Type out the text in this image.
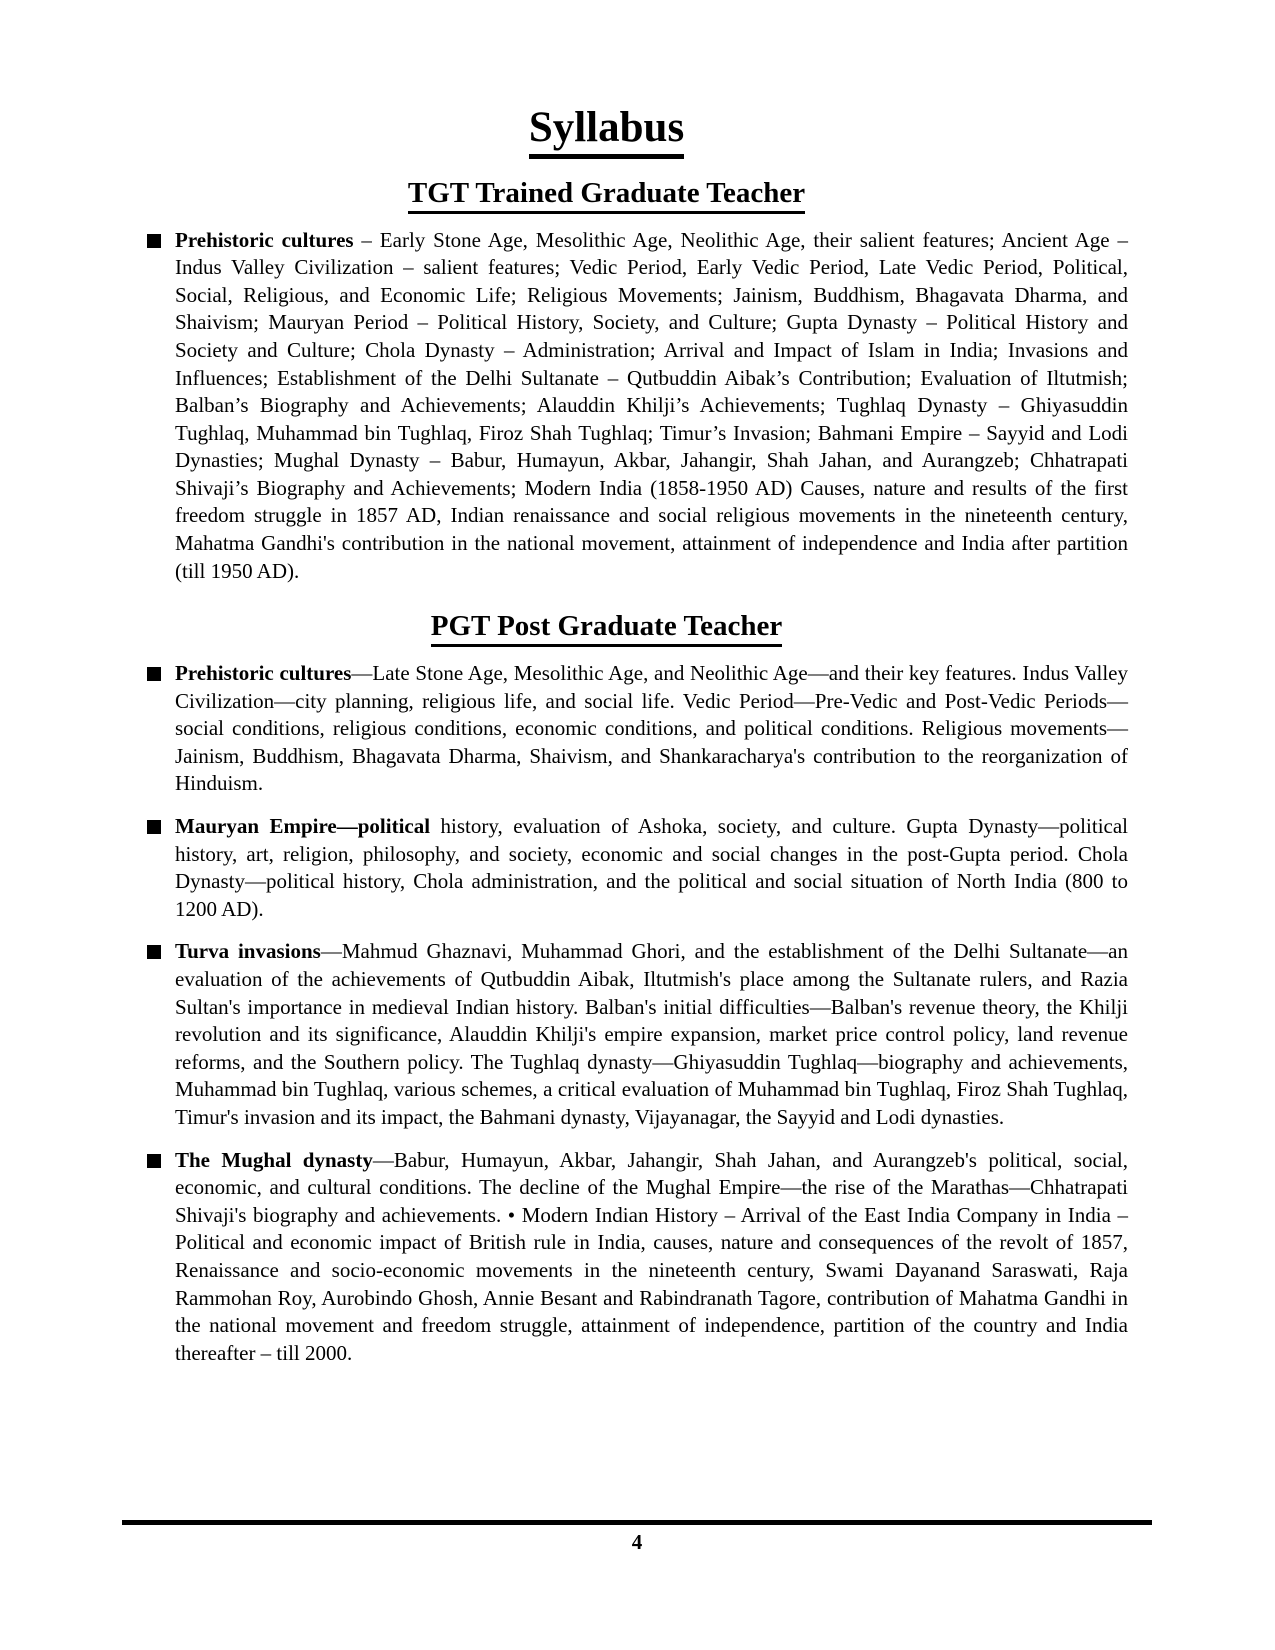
Syllabus
TGT Trained Graduate Teacher

Prehistoric cultures – Early Stone Age, Mesolithic Age, Neolithic Age, their salient features; Ancient Age – Indus Valley Civilization – salient features; Vedic Period, Early Vedic Period, Late Vedic Period, Political, Social, Religious, and Economic Life; Religious Movements; Jainism, Buddhism, Bhagavata Dharma, and Shaivism; Mauryan Period – Political History, Society, and Culture; Gupta Dynasty – Political History and Society and Culture; Chola Dynasty – Administration; Arrival and Impact of Islam in India; Invasions and Influences; Establishment of the Delhi Sultanate – Qutbuddin Aibak’s Contribution; Evaluation of Iltutmish; Balban’s Biography and Achievements; Alauddin Khilji’s Achievements; Tughlaq Dynasty – Ghiyasuddin Tughlaq, Muhammad bin Tughlaq, Firoz Shah Tughlaq; Timur’s Invasion; Bahmani Empire – Sayyid and Lodi Dynasties; Mughal Dynasty – Babur, Humayun, Akbar, Jahangir, Shah Jahan, and Aurangzeb; Chhatrapati Shivaji’s Biography and Achievements; Modern India (1858-1950 AD) Causes, nature and results of the first freedom struggle in 1857 AD, Indian renaissance and social religious movements in the nineteenth century, Mahatma Gandhi's contribution in the national movement, attainment of independence and India after partition (till 1950 AD).

PGT Post Graduate Teacher

Prehistoric cultures—Late Stone Age, Mesolithic Age, and Neolithic Age—and their key features. Indus Valley Civilization—city planning, religious life, and social life. Vedic Period—Pre-Vedic and Post-Vedic Periods—social conditions, religious conditions, economic conditions, and political conditions. Religious movements—Jainism, Buddhism, Bhagavata Dharma, Shaivism, and Shankaracharya's contribution to the reorganization of Hinduism.

Mauryan Empire—political history, evaluation of Ashoka, society, and culture. Gupta Dynasty—political history, art, religion, philosophy, and society, economic and social changes in the post-Gupta period. Chola Dynasty—political history, Chola administration, and the political and social situation of North India (800 to 1200 AD).

Turva invasions—Mahmud Ghaznavi, Muhammad Ghori, and the establishment of the Delhi Sultanate—an evaluation of the achievements of Qutbuddin Aibak, Iltutmish's place among the Sultanate rulers, and Razia Sultan's importance in medieval Indian history. Balban's initial difficulties—Balban's revenue theory, the Khilji revolution and its significance, Alauddin Khilji's empire expansion, market price control policy, land revenue reforms, and the Southern policy. The Tughlaq dynasty—Ghiyasuddin Tughlaq—biography and achievements, Muhammad bin Tughlaq, various schemes, a critical evaluation of Muhammad bin Tughlaq, Firoz Shah Tughlaq, Timur's invasion and its impact, the Bahmani dynasty, Vijayanagar, the Sayyid and Lodi dynasties.

The Mughal dynasty—Babur, Humayun, Akbar, Jahangir, Shah Jahan, and Aurangzeb's political, social, economic, and cultural conditions. The decline of the Mughal Empire—the rise of the Marathas—Chhatrapati Shivaji's biography and achievements. • Modern Indian History – Arrival of the East India Company in India – Political and economic impact of British rule in India, causes, nature and consequences of the revolt of 1857, Renaissance and socio-economic movements in the nineteenth century, Swami Dayanand Saraswati, Raja Rammohan Roy, Aurobindo Ghosh, Annie Besant and Rabindranath Tagore, contribution of Mahatma Gandhi in the national movement and freedom struggle, attainment of independence, partition of the country and India thereafter – till 2000.

4
